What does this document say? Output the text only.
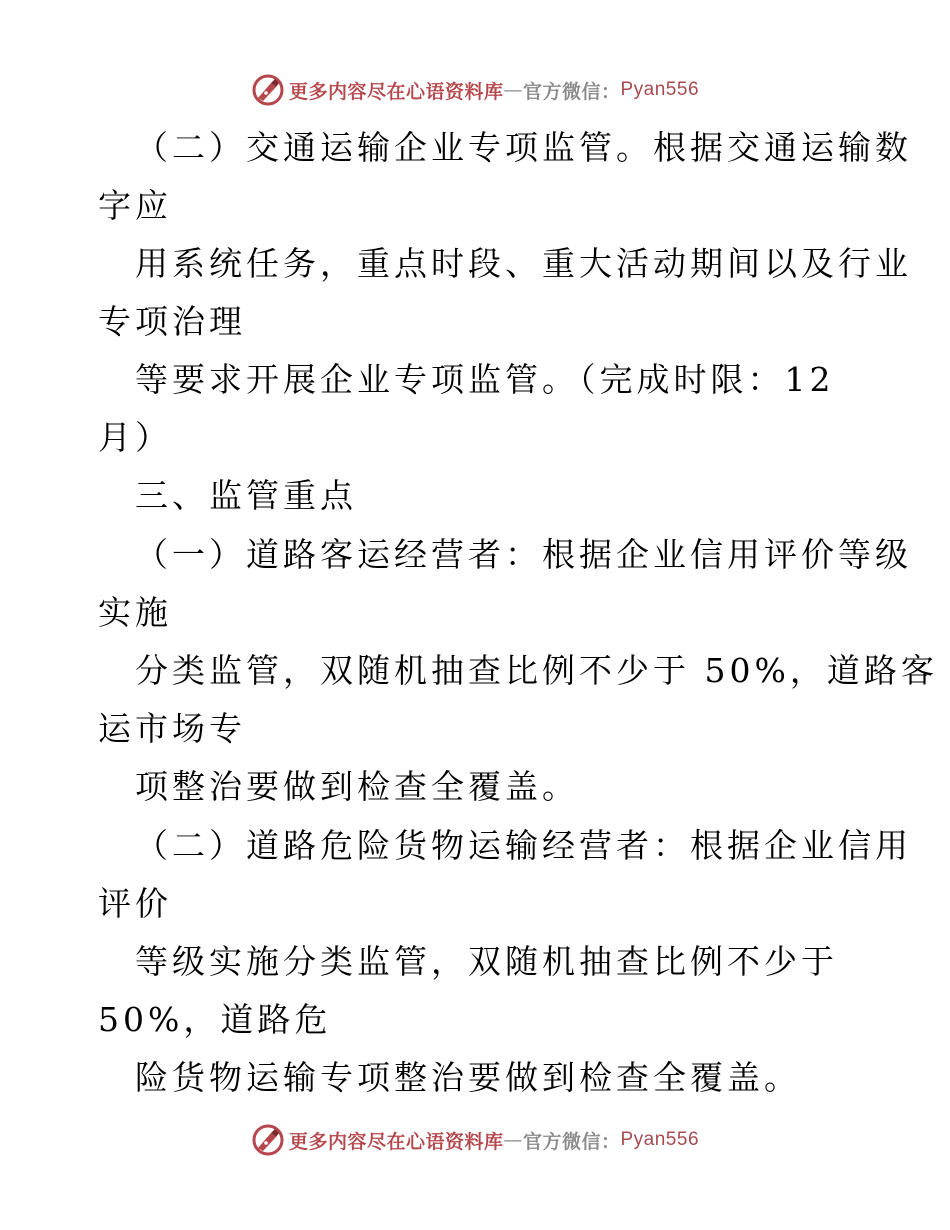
更多内容尽在心语资料库 — 官方微信： Pyan556
（二）交通运输企业专项监管。根据交通运输数
字应
用系统任务，重点时段、重大活动期间以及行业
专项治理
等要求开展企业专项监管。（完成时限：12
月）
三、监管重点
（一）道路客运经营者：根据企业信用评价等级
实施
分类监管，双随机抽查比例不少于 50%，道路客
运市场专
项整治要做到检查全覆盖。
（二）道路危险货物运输经营者：根据企业信用
评价
等级实施分类监管，双随机抽查比例不少于
50%，道路危
险货物运输专项整治要做到检查全覆盖。
更多内容尽在心语资料库 — 官方微信： Pyan556
